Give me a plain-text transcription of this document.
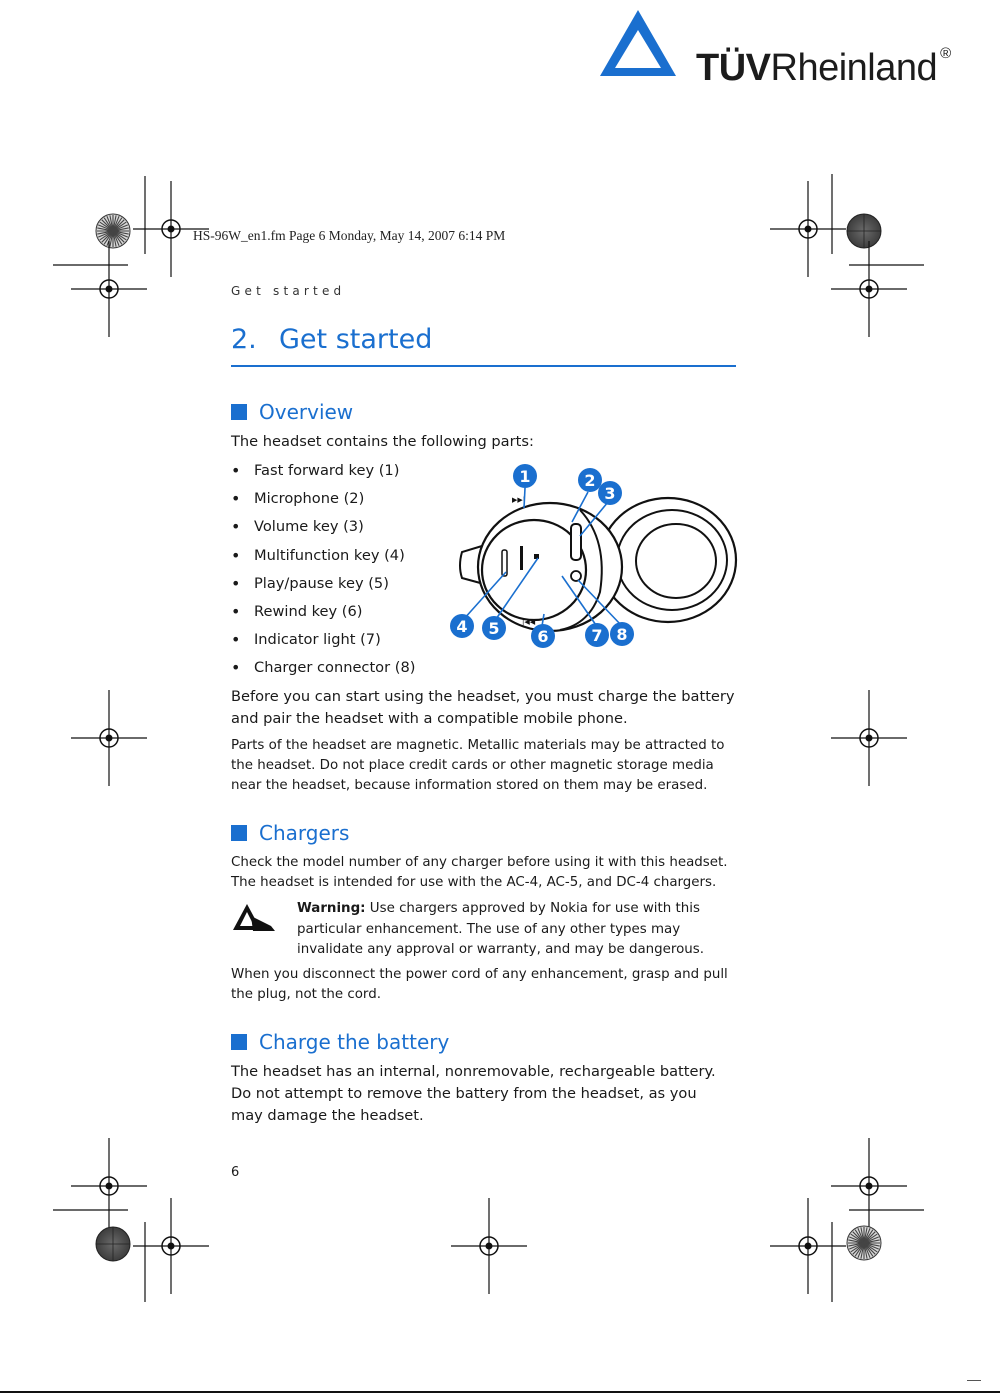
TÜVRheinland ®
HS-96W_en1.fm Page 6 Monday, May 14, 2007 6:14 PM
Get started
2. Get started
Overview
The headset contains the following parts:
• Fast forward key (1)
• Microphone (2)
• Volume key (3)
• Multifunction key (4)
• Play/pause key (5)
• Rewind key (6)
• Indicator light (7)
• Charger connector (8)
▶▶|
|◀◀
1	2
3
4 5 6	7 8
Before you can start using the headset, you must charge the battery and pair the headset with a compatible mobile phone.
Parts of the headset are magnetic. Metallic materials may be attracted to the headset. Do not place credit cards or other magnetic storage media near the headset, because information stored on them may be erased.
Chargers
Check the model number of any charger before using it with this headset. The headset is intended for use with the AC-4, AC-5, and DC-4 chargers.
Warning: Use chargers approved by Nokia for use with this particular enhancement. The use of any other types may invalidate any approval or warranty, and may be dangerous.
When you disconnect the power cord of any enhancement, grasp and pull the plug, not the cord.
Charge the battery
The headset has an internal, nonremovable, rechargeable battery. Do not attempt to remove the battery from the headset, as you may damage the headset.
6
